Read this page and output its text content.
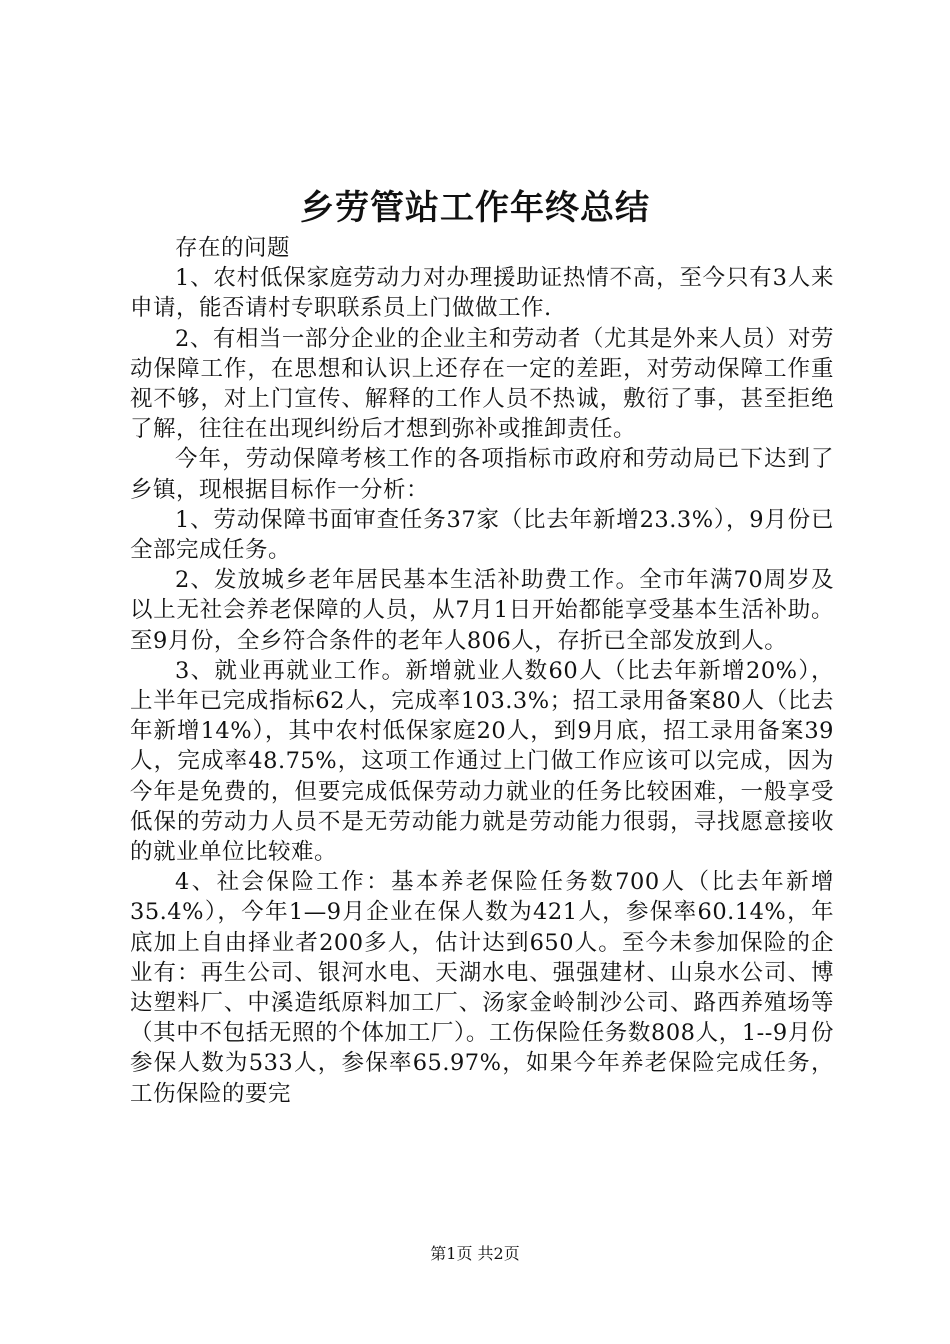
乡劳管站工作年终总结

存在的问题

1、农村低保家庭劳动力对办理援助证热情不高，至今只有3人来申请，能否请村专职联系员上门做做工作.

2、有相当一部分企业的企业主和劳动者（尤其是外来人员）对劳动保障工作，在思想和认识上还存在一定的差距，对劳动保障工作重视不够，对上门宣传、解释的工作人员不热诚，敷衍了事，甚至拒绝了解，往往在出现纠纷后才想到弥补或推卸责任。

今年，劳动保障考核工作的各项指标市政府和劳动局已下达到了乡镇，现根据目标作一分析：

1、劳动保障书面审查任务37家（比去年新增23.3%），9月份已全部完成任务。

2、发放城乡老年居民基本生活补助费工作。全市年满70周岁及以上无社会养老保障的人员，从7月1日开始都能享受基本生活补助。至9月份，全乡符合条件的老年人806人，存折已全部发放到人。

3、就业再就业工作。新增就业人数60人（比去年新增20%），上半年已完成指标62人，完成率103.3%；招工录用备案80人（比去年新增14%），其中农村低保家庭20人，到9月底，招工录用备案39人，完成率48.75%，这项工作通过上门做工作应该可以完成，因为今年是免费的，但要完成低保劳动力就业的任务比较困难，一般享受低保的劳动力人员不是无劳动能力就是劳动能力很弱，寻找愿意接收的就业单位比较难。

4、社会保险工作：基本养老保险任务数700人（比去年新增35.4%），今年1—9月企业在保人数为421人，参保率60.14%，年底加上自由择业者200多人，估计达到650人。至今未参加保险的企业有：再生公司、银河水电、天湖水电、强强建材、山泉水公司、博达塑料厂、中溪造纸原料加工厂、汤家金岭制沙公司、路西养殖场等（其中不包括无照的个体加工厂）。工伤保险任务数808人，1--9月份参保人数为533人，参保率65.97%，如果今年养老保险完成任务，工伤保险的要完

第1页 共2页
